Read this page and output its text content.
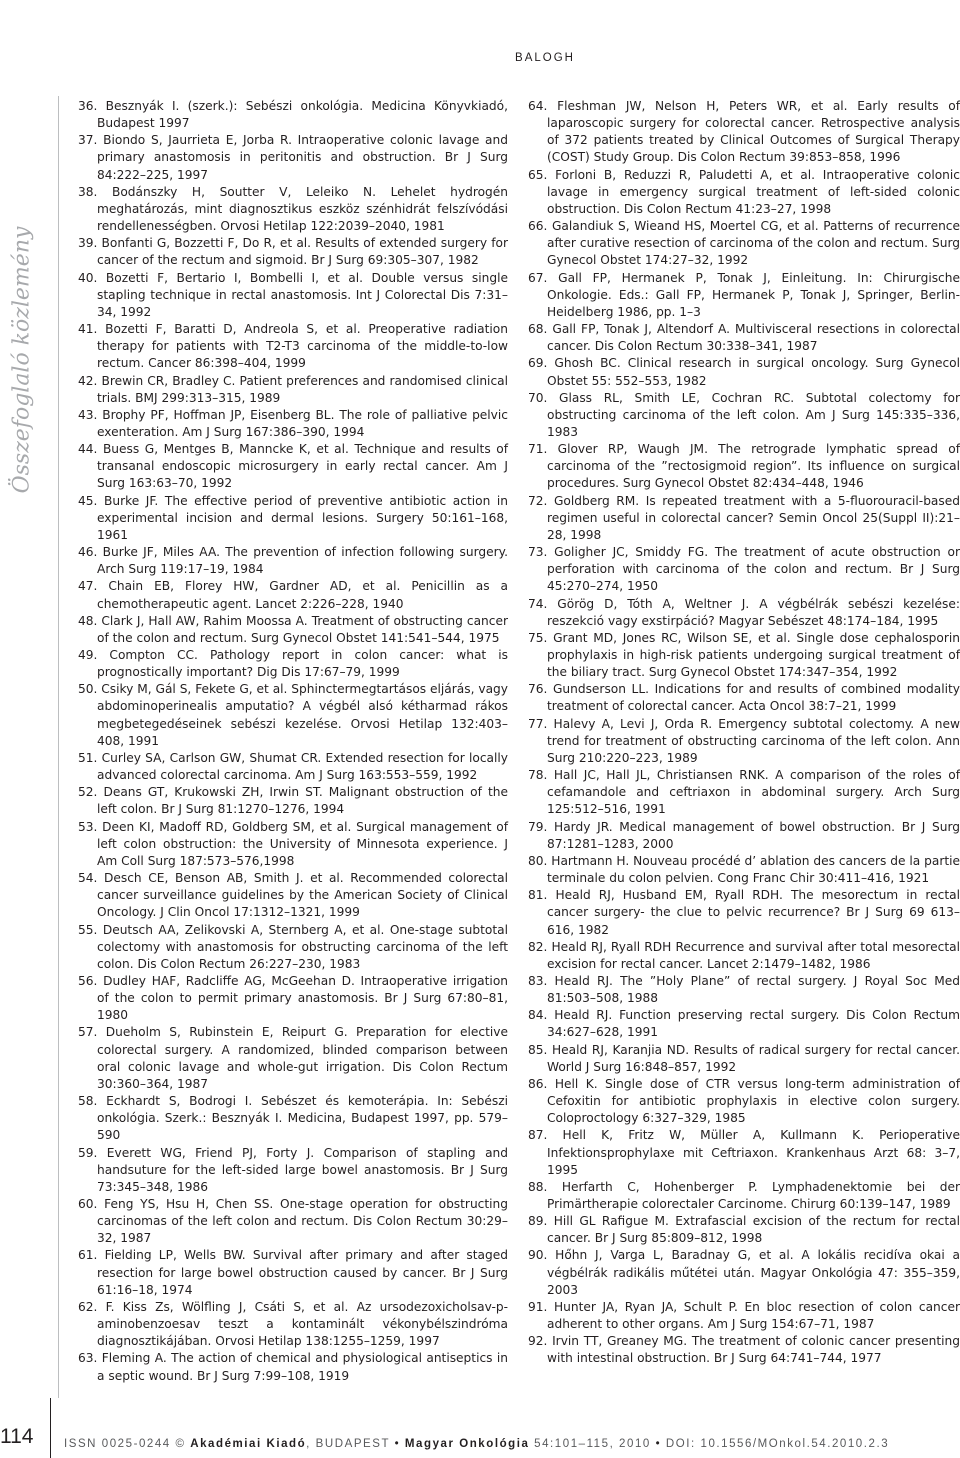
BALOGH
Összefoglaló közlemény

36. Besznyák I. (szerk.): Sebészi onkológia. Medicina Könyvkiadó, Budapest 1997

37. Biondo S, Jaurrieta E, Jorba R. Intraoperative colonic lavage and primary anastomosis in peritonitis and obstruction. Br J Surg 84:222–225, 1997

38. Bodánszky H, Soutter V, Leleiko N. Lehelet hydrogén meghatározás, mint diagnosztikus eszköz szénhidrát felszívódási rendellenességben. Orvosi Hetilap 122:2039–2040, 1981

39. Bonfanti G, Bozzetti F, Do R, et al. Results of extended surgery for cancer of the rectum and sigmoid. Br J Surg 69:305–307, 1982

40. Bozetti F, Bertario I, Bombelli I, et al. Double versus single stapling technique in rectal anastomosis. Int J Colorectal Dis 7:31–34, 1992

41. Bozetti F, Baratti D, Andreola S, et al. Preoperative radiation therapy for patients with T2-T3 carcinoma of the middle-to-low rectum. Cancer 86:398–404, 1999

42. Brewin CR, Bradley C. Patient preferences and randomised clinical trials. BMJ 299:313–315, 1989

43. Brophy PF, Hoffman JP, Eisenberg BL. The role of palliative pelvic exenteration. Am J Surg 167:386–390, 1994

44. Buess G, Mentges B, Manncke K, et al. Technique and results of transanal endoscopic microsurgery in early rectal cancer. Am J Surg 163:63–70, 1992

45. Burke JF. The effective period of preventive antibiotic action in experimental incision and dermal lesions. Surgery 50:161–168, 1961

46. Burke JF, Miles AA. The prevention of infection following surgery. Arch Surg 119:17–19, 1984

47. Chain EB, Florey HW, Gardner AD, et al. Penicillin as a chemotherapeutic agent. Lancet 2:226–228, 1940

48. Clark J, Hall AW, Rahim Moossa A. Treatment of obstructing cancer of the colon and rectum. Surg Gynecol Obstet 141:541–544, 1975

49. Compton CC. Pathology report in colon cancer: what is prognostically important? Dig Dis 17:67–79, 1999

50. Csiky M, Gál S, Fekete G, et al. Sphinctermegtartásos eljárás, vagy abdominoperinealis amputatio? A végbél alsó kétharmad rákos megbetegedéseinek sebészi kezelése. Orvosi Hetilap 132:403–408, 1991

51. Curley SA, Carlson GW, Shumat CR. Extended resection for locally advanced colorectal carcinoma. Am J Surg 163:553–559, 1992

52. Deans GT, Krukowski ZH, Irwin ST. Malignant obstruction of the left colon. Br J Surg 81:1270–1276, 1994

53. Deen KI, Madoff RD, Goldberg SM, et al. Surgical management of left colon obstruction: the University of Minnesota experience. J Am Coll Surg 187:573–576,1998

54. Desch CE, Benson AB, Smith J. et al. Recommended colorectal cancer surveillance guidelines by the American Society of Clinical Oncology. J Clin Oncol 17:1312–1321, 1999

55. Deutsch AA, Zelikovski A, Sternberg A, et al. One-stage subtotal colectomy with anastomosis for obstructing carcinoma of the left colon. Dis Colon Rectum 26:227–230, 1983

56. Dudley HAF, Radcliffe AG, McGeehan D. Intraoperative irrigation of the colon to permit primary anastomosis. Br J Surg 67:80–81, 1980

57. Dueholm S, Rubinstein E, Reipurt G. Preparation for elective colorectal surgery. A randomized, blinded comparison between oral colonic lavage and whole-gut irrigation. Dis Colon Rectum 30:360–364, 1987

58. Eckhardt S, Bodrogi I. Sebészet és kemoterápia. In: Sebészi onkológia. Szerk.: Besznyák I. Medicina, Budapest 1997, pp. 579–590

59. Everett WG, Friend PJ, Forty J. Comparison of stapling and handsuture for the left-sided large bowel anastomosis. Br J Surg 73:345–348, 1986

60. Feng YS, Hsu H, Chen SS. One-stage operation for obstructing carcinomas of the left colon and rectum. Dis Colon Rectum 30:29–32, 1987

61. Fielding LP, Wells BW. Survival after primary and after staged resection for large bowel obstruction caused by cancer. Br J Surg 61:16–18, 1974

62. F. Kiss Zs, Wölfling J, Csáti S, et al. Az ursodezoxicholsav-p-aminobenzoesav teszt a kontaminált vékonybélszindróma diagnosztikájában. Orvosi Hetilap 138:1255–1259, 1997

63. Fleming A. The action of chemical and physiological antiseptics in a septic wound. Br J Surg 7:99–108, 1919

64. Fleshman JW, Nelson H, Peters WR, et al. Early results of laparoscopic surgery for colorectal cancer. Retrospective analysis of 372 patients treated by Clinical Outcomes of Surgical Therapy (COST) Study Group. Dis Colon Rectum 39:853–858, 1996

65. Forloni B, Reduzzi R, Paludetti A, et al. Intraoperative colonic lavage in emergency surgical treatment of left-sided colonic obstruction. Dis Colon Rectum 41:23–27, 1998

66. Galandiuk S, Wieand HS, Moertel CG, et al. Patterns of recurrence after curative resection of carcinoma of the colon and rectum. Surg Gynecol Obstet 174:27–32, 1992

67. Gall FP, Hermanek P, Tonak J, Einleitung. In: Chirurgische Onkologie. Eds.: Gall FP, Hermanek P, Tonak J, Springer, Berlin-Heidelberg 1986, pp. 1–3

68. Gall FP, Tonak J, Altendorf A. Multivisceral resections in colorectal cancer. Dis Colon Rectum 30:338–341, 1987

69. Ghosh BC. Clinical research in surgical oncology. Surg Gynecol Obstet 55: 552–553, 1982

70. Glass RL, Smith LE, Cochran RC. Subtotal colectomy for obstructing carcinoma of the left colon. Am J Surg 145:335–336, 1983

71. Glover RP, Waugh JM. The retrograde lymphatic spread of carcinoma of the ”rectosigmoid region”. Its influence on surgical procedures. Surg Gynecol Obstet 82:434–448, 1946

72. Goldberg RM. Is repeated treatment with a 5-fluorouracil-based regimen useful in colorectal cancer? Semin Oncol 25(Suppl II):21–28, 1998

73. Goligher JC, Smiddy FG. The treatment of acute obstruction or perforation with carcinoma of the colon and rectum. Br J Surg 45:270–274, 1950

74. Görög D, Tóth A, Weltner J. A végbélrák sebészi kezelése: reszekció vagy exstirpáció? Magyar Sebészet 48:174–184, 1995

75. Grant MD, Jones RC, Wilson SE, et al. Single dose cephalosporin prophylaxis in high-risk patients undergoing surgical treatment of the biliary tract. Surg Gynecol Obstet 174:347–354, 1992

76. Gundserson LL. Indications for and results of combined modality treatment of colorectal cancer. Acta Oncol 38:7–21, 1999

77. Halevy A, Levi J, Orda R. Emergency subtotal colectomy. A new trend for treatment of obstructing carcinoma of the left colon. Ann Surg 210:220–223, 1989

78. Hall JC, Hall JL, Christiansen RNK. A comparison of the roles of cefamandole and ceftriaxon in abdominal surgery. Arch Surg 125:512–516, 1991

79. Hardy JR. Medical management of bowel obstruction. Br J Surg 87:1281–1283, 2000

80. Hartmann H. Nouveau procédé d’ ablation des cancers de la partie terminale du colon pelvien. Cong Franc Chir 30:411–416, 1921

81. Heald RJ, Husband EM, Ryall RDH. The mesorectum in rectal cancer surgery- the clue to pelvic recurrence? Br J Surg 69 613–616, 1982

82. Heald RJ, Ryall RDH Recurrence and survival after total mesorectal excision for rectal cancer. Lancet 2:1479–1482, 1986

83. Heald RJ. The ”Holy Plane” of rectal surgery. J Royal Soc Med 81:503–508, 1988

84. Heald RJ. Function preserving rectal surgery. Dis Colon Rectum 34:627–628, 1991

85. Heald RJ, Karanjia ND. Results of radical surgery for rectal cancer. World J Surg 16:848–857, 1992

86. Hell K. Single dose of CTR versus long-term administration of Cefoxitin for antibiotic prophylaxis in elective colon surgery. Coloproctology 6:327–329, 1985

87. Hell K, Fritz W, Müller A, Kullmann K. Perioperative Infektionsprophylaxe mit Ceftriaxon. Krankenhaus Arzt 68: 3–7, 1995

88. Herfarth C, Hohenberger P. Lymphadenektomie bei der Primärtherapie colorectaler Carcinome. Chirurg 60:139–147, 1989

89. Hill GL Rafigue M. Extrafascial excision of the rectum for rectal cancer. Br J Surg 85:809–812, 1998

90. Hőhn J, Varga L, Baradnay G, et al. A lokális recidíva okai a végbélrák radikális műtétei után. Magyar Onkológia 47: 355–359, 2003

91. Hunter JA, Ryan JA, Schult P. En bloc resection of colon cancer adherent to other organs. Am J Surg 154:67–71, 1987

92. Irvin TT, Greaney MG. The treatment of colonic cancer presenting with intestinal obstruction. Br J Surg 64:741–744, 1977

114	ISSN 0025-0244 © Akadémiai Kiadó, BUDAPEST • Magyar Onkológia 54:101–115, 2010 • DOI: 10.1556/MOnkol.54.2010.2.3
